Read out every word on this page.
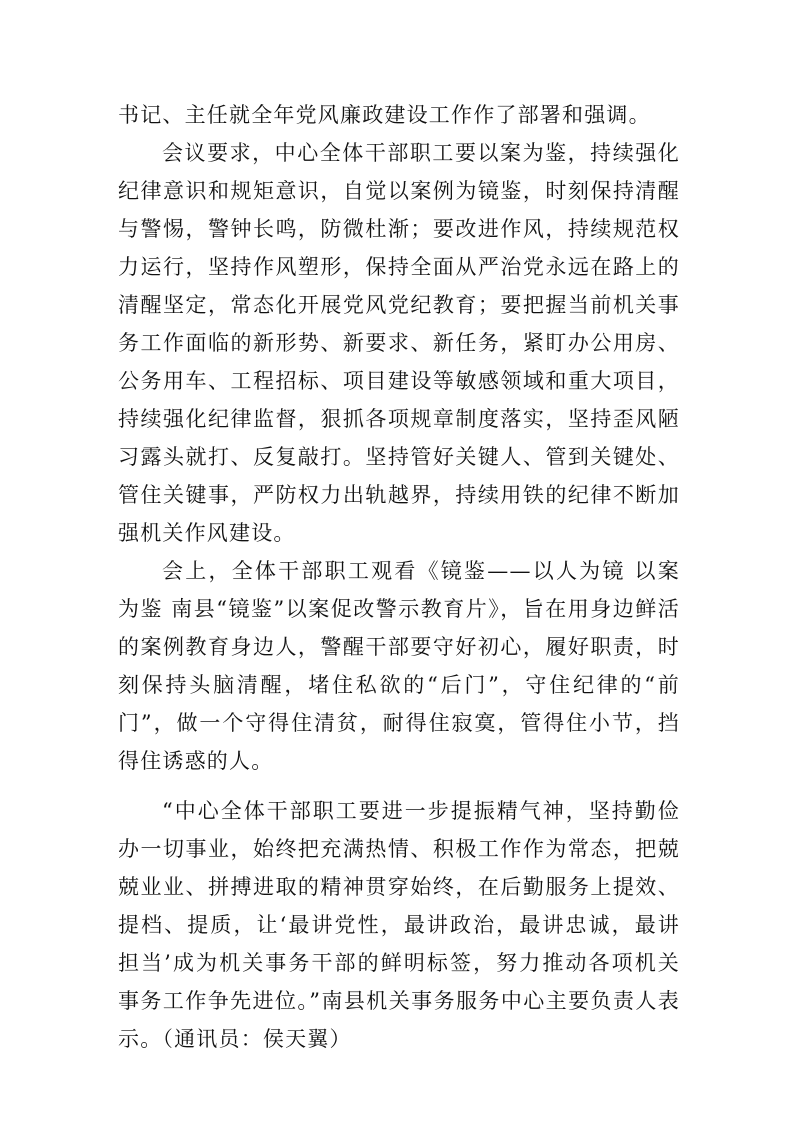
书记、主任就全年党风廉政建设工作作了部署和强调。

会议要求，中心全体干部职工要以案为鉴，持续强化纪律意识和规矩意识，自觉以案例为镜鉴，时刻保持清醒与警惕，警钟长鸣，防微杜渐；要改进作风，持续规范权力运行，坚持作风塑形，保持全面从严治党永远在路上的清醒坚定，常态化开展党风党纪教育；要把握当前机关事务工作面临的新形势、新要求、新任务，紧盯办公用房、公务用车、工程招标、项目建设等敏感领域和重大项目，持续强化纪律监督，狠抓各项规章制度落实，坚持歪风陋习露头就打、反复敲打。坚持管好关键人、管到关键处、管住关键事，严防权力出轨越界，持续用铁的纪律不断加强机关作风建设。

会上，全体干部职工观看《镜鉴——以人为镜 以案为鉴 南县“镜鉴”以案促改警示教育片》，旨在用身边鲜活的案例教育身边人，警醒干部要守好初心，履好职责，时刻保持头脑清醒，堵住私欲的“后门”，守住纪律的“前门”，做一个守得住清贫，耐得住寂寞，管得住小节，挡得住诱惑的人。

“中心全体干部职工要进一步提振精气神，坚持勤俭办一切事业，始终把充满热情、积极工作作为常态，把兢兢业业、拼搏进取的精神贯穿始终，在后勤服务上提效、提档、提质，让‘最讲党性，最讲政治，最讲忠诚，最讲担当’成为机关事务干部的鲜明标签，努力推动各项机关事务工作争先进位。”南县机关事务服务中心主要负责人表示。（通讯员：侯天翼）
